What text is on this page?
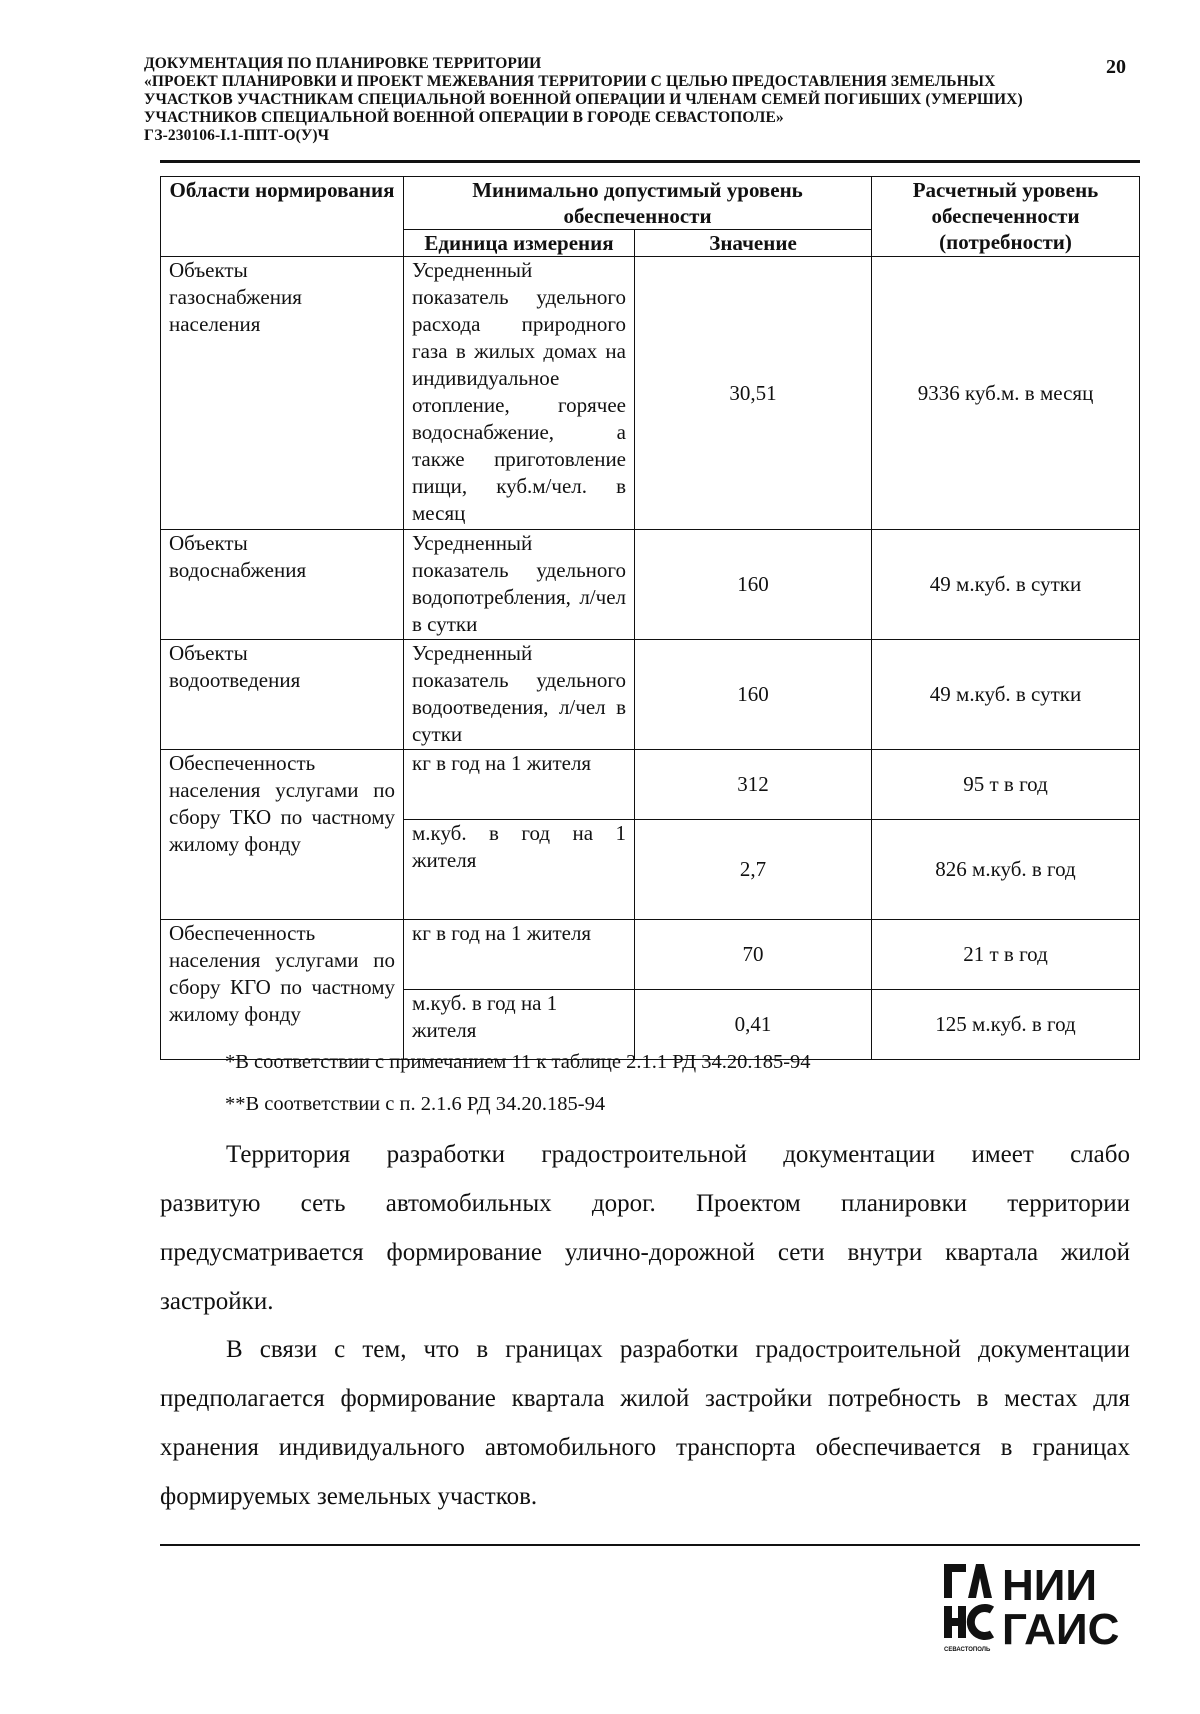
ДОКУМЕНТАЦИЯ ПО ПЛАНИРОВКЕ ТЕРРИТОРИИ
«ПРОЕКТ ПЛАНИРОВКИ И ПРОЕКТ МЕЖЕВАНИЯ ТЕРРИТОРИИ С ЦЕЛЬЮ ПРЕДОСТАВЛЕНИЯ ЗЕМЕЛЬНЫХ
УЧАСТКОВ УЧАСТНИКАМ СПЕЦИАЛЬНОЙ ВОЕННОЙ ОПЕРАЦИИ И ЧЛЕНАМ СЕМЕЙ ПОГИБШИХ (УМЕРШИХ)
УЧАСТНИКОВ СПЕЦИАЛЬНОЙ ВОЕННОЙ ОПЕРАЦИИ В ГОРОДЕ СЕВАСТОПОЛЕ»
ГЗ-230106-I.1-ППТ-О(У)Ч
20
Области нормирования	Минимально допустимый уровень обеспеченности		Расчетный уровень обеспеченности (потребности)
	Единица измерения	Значение	
Объекты газоснабжения населения	Усредненный показатель удельного расхода природного газа в жилых домах на индивидуальное отопление, горячее водоснабжение, а также приготовление пищи, куб.м/чел. в месяц	30,51	9336 куб.м. в месяц
Объекты водоснабжения	Усредненный показатель удельного водопотребления, л/чел в сутки	160	49 м.куб. в сутки
Объекты водоотведения	Усредненный показатель удельного водоотведения, л/чел в сутки	160	49 м.куб. в сутки
Обеспеченность населения услугами по сбору ТКО по частному жилому фонду	кг в год на 1 жителя	312	95 т в год
	м.куб. в год на 1 жителя	2,7	826 м.куб. в год
Обеспеченность населения услугами по сбору КГО по частному жилому фонду	кг в год на 1 жителя	70	21 т в год
	м.куб. в год на 1 жителя	0,41	125 м.куб. в год
*В соответствии с примечанием 11 к таблице 2.1.1 РД 34.20.185-94
**В соответствии с п. 2.1.6 РД 34.20.185-94
Территория разработки градостроительной документации имеет слабо
развитую сеть автомобильных дорог. Проектом планировки территории
предусматривается формирование улично-дорожной сети внутри квартала жилой
застройки.
В связи с тем, что в границах разработки градостроительной документации
предполагается формирование квартала жилой застройки потребность в местах для
хранения индивидуального автомобильного транспорта обеспечивается в границах
формируемых земельных участков.
СЕВАСТОПОЛЬ
НИИ
ГАИС
